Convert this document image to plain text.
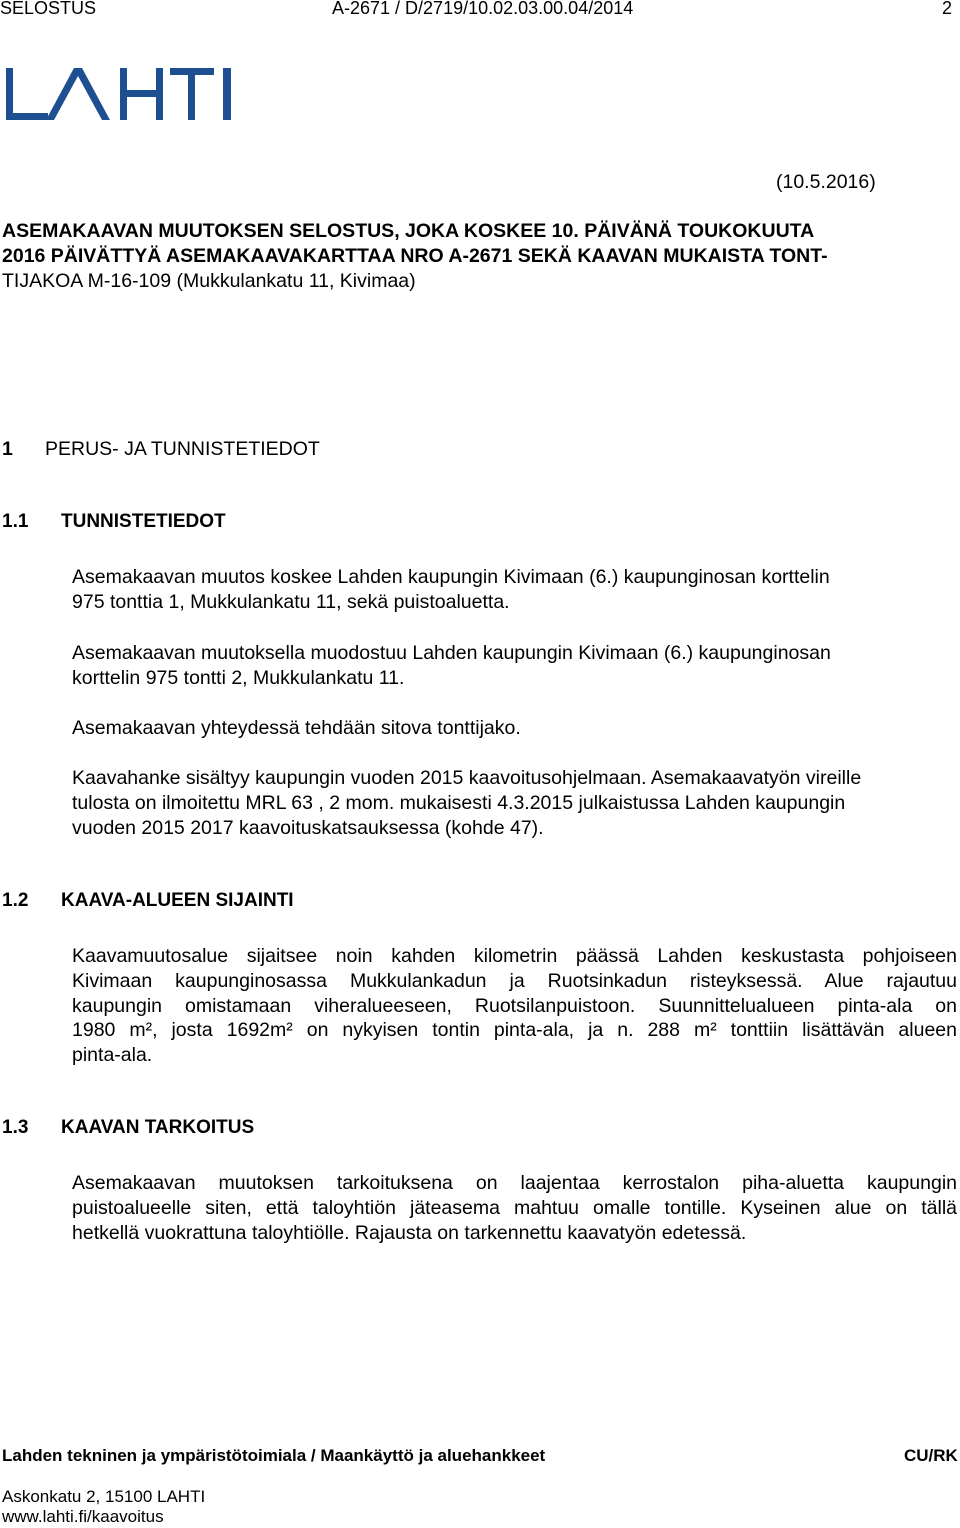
SELOSTUS	A-2671 / D/2719/10.02.03.00.04/2014	2
(10.5.2016)
ASEMAKAAVAN MUUTOKSEN SELOSTUS, JOKA KOSKEE 10. PÄIVÄNÄ TOUKOKUUTA
2016 PÄIVÄTTYÄ ASEMAKAAVAKARTTAA NRO A-2671 SEKÄ KAAVAN MUKAISTA TONT-
TIJAKOA M-16-109 (Mukkulankatu 11, Kivimaa)
1 PERUS- JA TUNNISTETIEDOT
1.1 TUNNISTETIEDOT
Asemakaavan muutos koskee Lahden kaupungin Kivimaan (6.) kaupunginosan korttelin
975 tonttia 1, Mukkulankatu 11, sekä puistoaluetta.
Asemakaavan muutoksella muodostuu Lahden kaupungin Kivimaan (6.) kaupunginosan
korttelin 975 tontti 2, Mukkulankatu 11.
Asemakaavan yhteydessä tehdään sitova tonttijako.
Kaavahanke sisältyy kaupungin vuoden 2015 kaavoitusohjelmaan. Asemakaavatyön vireille
tulosta on ilmoitettu MRL 63 , 2 mom. mukaisesti 4.3.2015 julkaistussa Lahden kaupungin
vuoden 2015 2017 kaavoituskatsauksessa (kohde 47).
1.2 KAAVA-ALUEEN SIJAINTI
Kaavamuutosalue sijaitsee noin kahden kilometrin päässä Lahden keskustasta pohjoiseen
Kivimaan kaupunginosassa Mukkulankadun ja Ruotsinkadun risteyksessä. Alue rajautuu
kaupungin omistamaan viheralueeseen, Ruotsilanpuistoon. Suunnittelualueen pinta-ala on
1980 m², josta 1692m² on nykyisen tontin pinta-ala, ja n. 288 m² tonttiin lisättävän alueen
pinta-ala.
1.3 KAAVAN TARKOITUS
Asemakaavan muutoksen tarkoituksena on laajentaa kerrostalon piha-aluetta kaupungin
puistoalueelle siten, että taloyhtiön jäteasema mahtuu omalle tontille. Kyseinen alue on tällä
hetkellä vuokrattuna taloyhtiölle. Rajausta on tarkennettu kaavatyön edetessä.
Lahden tekninen ja ympäristötoimiala / Maankäyttö ja aluehankkeet	CU/RK
Askonkatu 2, 15100 LAHTI
www.lahti.fi/kaavoitus
